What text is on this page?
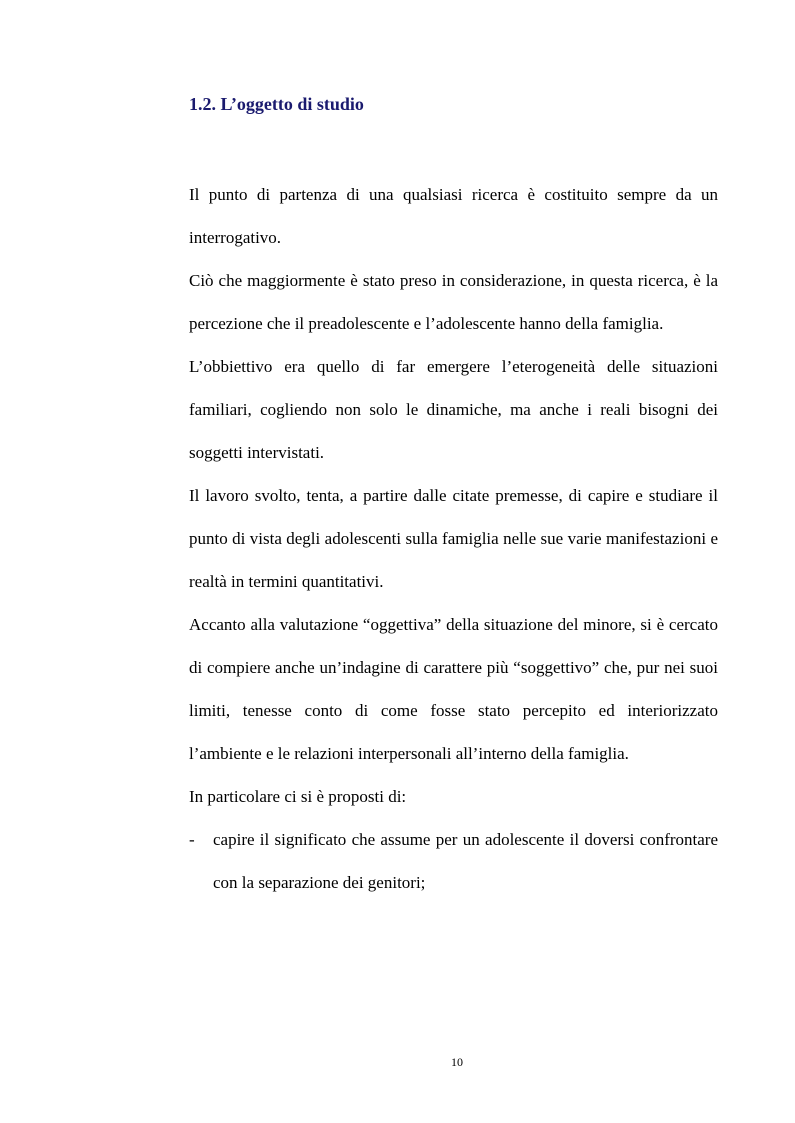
1.2. L’oggetto di studio

Il punto di partenza di una qualsiasi ricerca è costituito sempre da un interrogativo.

Ciò che maggiormente è stato preso in considerazione, in questa ricerca, è la percezione che il preadolescente e l’adolescente hanno della famiglia.

L’obbiettivo era quello di far emergere l’eterogeneità delle situazioni familiari, cogliendo non solo le dinamiche, ma anche i reali bisogni dei soggetti intervistati.

Il lavoro svolto, tenta, a partire dalle citate premesse, di capire e studiare il punto di vista degli adolescenti sulla famiglia nelle sue varie manifestazioni e realtà in termini quantitativi.

Accanto alla valutazione “oggettiva” della situazione del minore, si è cercato di compiere anche un’indagine di carattere più “soggettivo” che, pur nei suoi limiti, tenesse conto di come fosse stato percepito ed interiorizzato l’ambiente e le relazioni interpersonali all’interno della famiglia.

In particolare ci si è proposti di:

- capire il significato che assume per un adolescente il doversi confrontare con la separazione dei genitori;
10
